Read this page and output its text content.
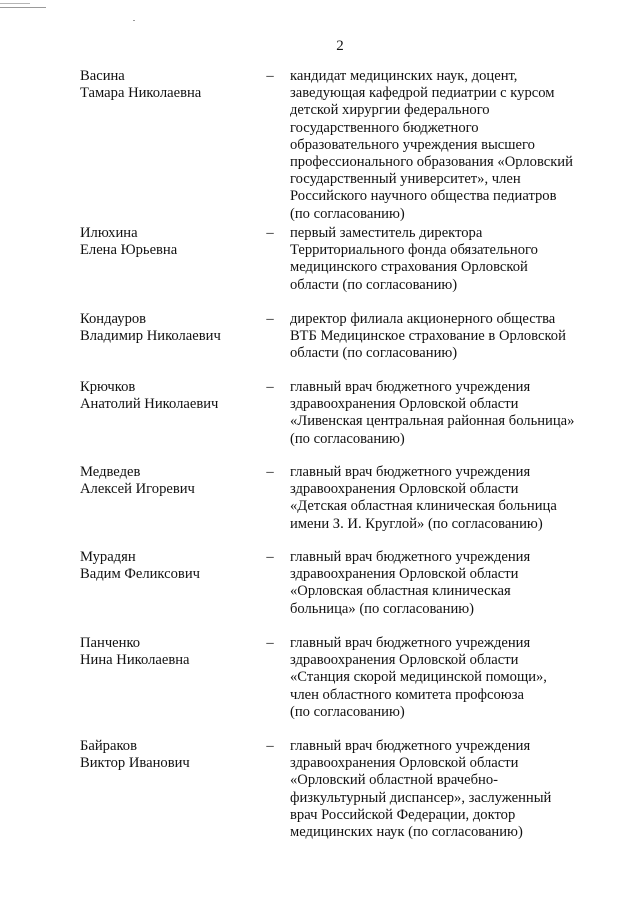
2
Васина
Тамара Николаевна
– кандидат медицинских наук, доцент,
заведующая кафедрой педиатрии с курсом
детской хирургии федерального
государственного бюджетного
образовательного учреждения высшего
профессионального образования «Орловский
государственный университет», член
Российского научного общества педиатров
(по согласованию)
Илюхина
Елена Юрьевна
– первый заместитель директора
Территориального фонда обязательного
медицинского страхования Орловской
области (по согласованию)
Кондауров
Владимир Николаевич
– директор филиала акционерного общества
ВТБ Медицинское страхование в Орловской
области (по согласованию)
Крючков
Анатолий Николаевич
– главный врач бюджетного учреждения
здравоохранения Орловской области
«Ливенская центральная районная больница»
(по согласованию)
Медведев
Алексей Игоревич
– главный врач бюджетного учреждения
здравоохранения Орловской области
«Детская областная клиническая больница
имени З. И. Круглой» (по согласованию)
Мурадян
Вадим Феликсович
– главный врач бюджетного учреждения
здравоохранения Орловской области
«Орловская областная клиническая
больница» (по согласованию)
Панченко
Нина Николаевна
– главный врач бюджетного учреждения
здравоохранения Орловской области
«Станция скорой медицинской помощи»,
член областного комитета профсоюза
(по согласованию)
Байраков
Виктор Иванович
– главный врач бюджетного учреждения
здравоохранения Орловской области
«Орловский областной врачебно-
физкультурный диспансер», заслуженный
врач Российской Федерации, доктор
медицинских наук (по согласованию)
